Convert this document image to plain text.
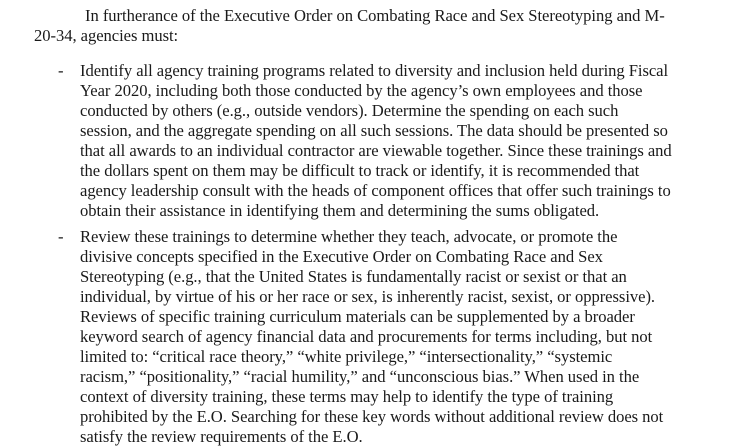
In furtherance of the Executive Order on Combating Race and Sex Stereotyping and M-
20-34, agencies must:
- Identify all agency training programs related to diversity and inclusion held during Fiscal
Year 2020, including both those conducted by the agency’s own employees and those
conducted by others (e.g., outside vendors). Determine the spending on each such
session, and the aggregate spending on all such sessions. The data should be presented so
that all awards to an individual contractor are viewable together. Since these trainings and
the dollars spent on them may be difficult to track or identify, it is recommended that
agency leadership consult with the heads of component offices that offer such trainings to
obtain their assistance in identifying them and determining the sums obligated.
- Review these trainings to determine whether they teach, advocate, or promote the
divisive concepts specified in the Executive Order on Combating Race and Sex
Stereotyping (e.g., that the United States is fundamentally racist or sexist or that an
individual, by virtue of his or her race or sex, is inherently racist, sexist, or oppressive).
Reviews of specific training curriculum materials can be supplemented by a broader
keyword search of agency financial data and procurements for terms including, but not
limited to: “critical race theory,” “white privilege,” “intersectionality,” “systemic
racism,” “positionality,” “racial humility,” and “unconscious bias.” When used in the
context of diversity training, these terms may help to identify the type of training
prohibited by the E.O. Searching for these key words without additional review does not
satisfy the review requirements of the E.O.
